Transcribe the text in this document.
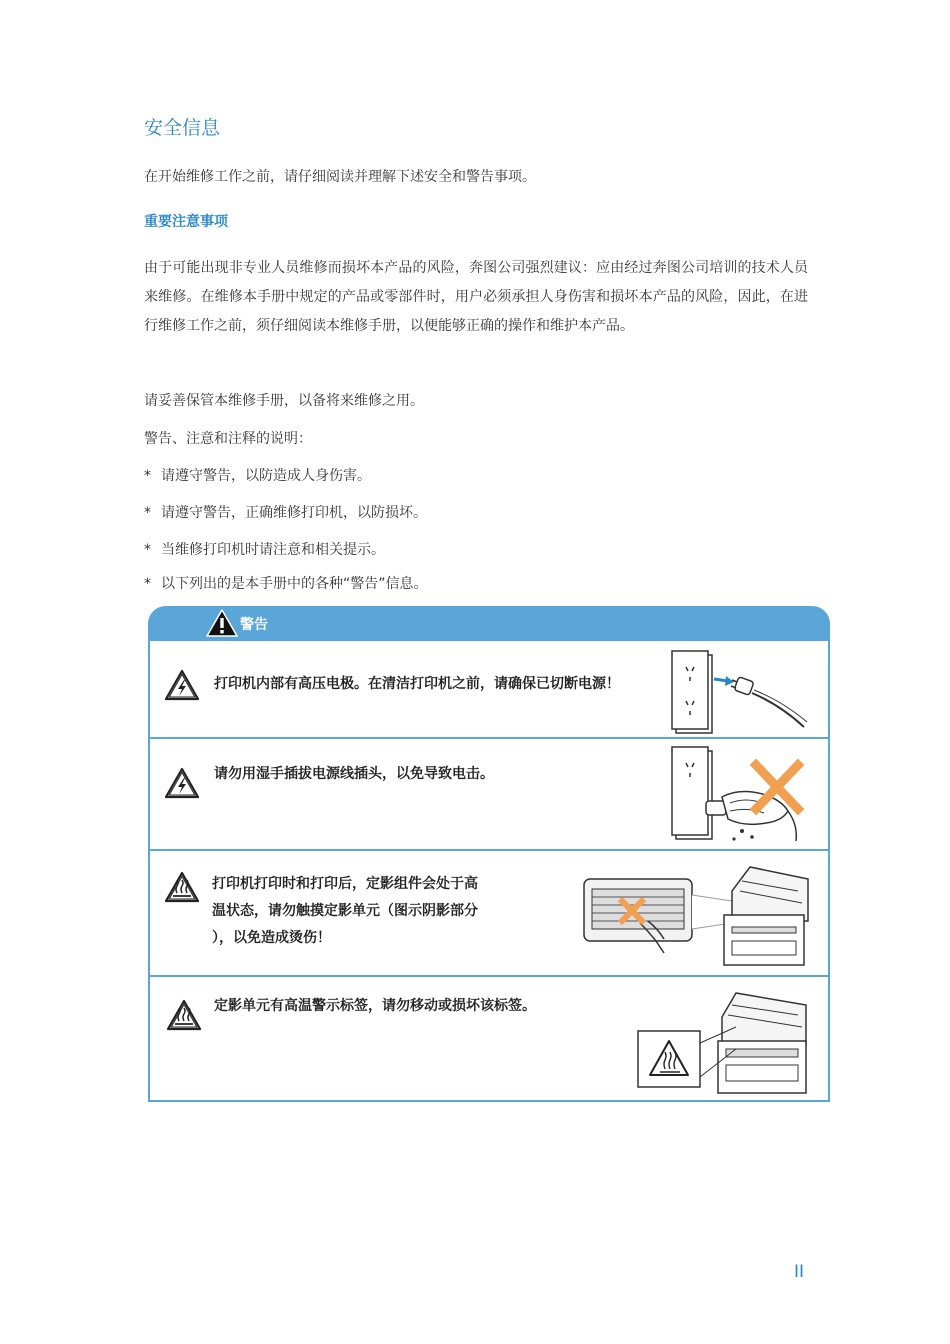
安全信息

在开始维修工作之前，请仔细阅读并理解下述安全和警告事项。

重要注意事项

由于可能出现非专业人员维修而损坏本产品的风险，奔图公司强烈建议：应由经过奔图公司培训的技术人员来维修。在维修本手册中规定的产品或零部件时，用户必须承担人身伤害和损坏本产品的风险，因此，在进行维修工作之前，须仔细阅读本维修手册，以便能够正确的操作和维护本产品。

请妥善保管本维修手册，以备将来维修之用。

警告、注意和注释的说明：

* 请遵守警告，以防造成人身伤害。

* 请遵守警告，正确维修打印机，以防损坏。

* 当维修打印机时请注意和相关提示。

* 以下列出的是本手册中的各种“警告”信息。

警告

打印机内部有高压电极。在清洁打印机之前，请确保已切断电源！

请勿用湿手插拔电源线插头，以免导致电击。

打印机打印时和打印后，定影组件会处于高
温状态，请勿触摸定影单元（图示阴影部分
），以免造成烫伤！

定影单元有高温警示标签，请勿移动或损坏该标签。

II
